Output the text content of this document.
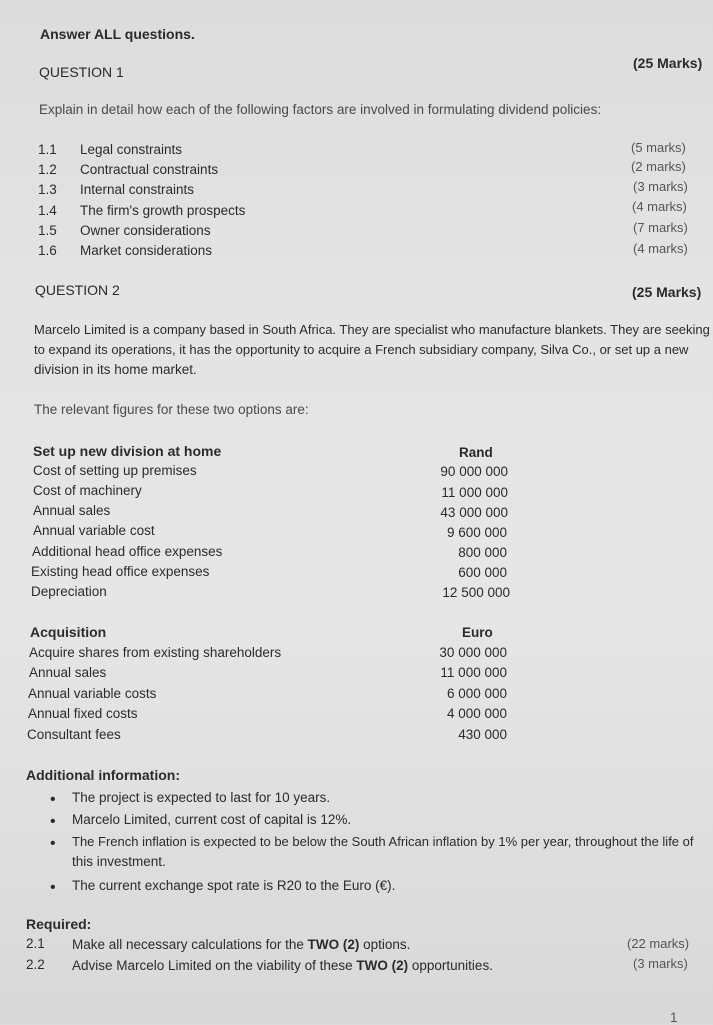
Answer ALL questions.
QUESTION 1
(25 Marks)
Explain in detail how each of the following factors are involved in formulating dividend policies:
1.1 Legal constraints	(5 marks)
1.2 Contractual constraints	(2 marks)
1.3 Internal constraints	(3 marks)
1.4 The firm's growth prospects	(4 marks)
1.5 Owner considerations	(7 marks)
1.6 Market considerations	(4 marks)
QUESTION 2	(25 Marks)
Marcelo Limited is a company based in South Africa. They are specialist who manufacture blankets. They are seeking
to expand its operations, it has the opportunity to acquire a French subsidiary company, Silva Co., or set up a new
division in its home market.
The relevant figures for these two options are:
Set up new division at home	Rand
Cost of setting up premises	90 000 000
Cost of machinery	11 000 000
Annual sales	43 000 000
Annual variable cost	9 600 000
Additional head office expenses	800 000
Existing head office expenses	600 000
Depreciation	12 500 000
Acquisition	Euro
Acquire shares from existing shareholders	30 000 000
Annual sales	11 000 000
Annual variable costs	6 000 000
Annual fixed costs	4 000 000
Consultant fees	430 000
Additional information:
• The project is expected to last for 10 years.
• Marcelo Limited, current cost of capital is 12%.
• The French inflation is expected to be below the South African inflation by 1% per year, throughout the life of
this investment.
• The current exchange spot rate is R20 to the Euro (€).
Required:
2.1 Make all necessary calculations for the TWO (2) options.	(22 marks)
2.2 Advise Marcelo Limited on the viability of these TWO (2) opportunities.	(3 marks)
1
